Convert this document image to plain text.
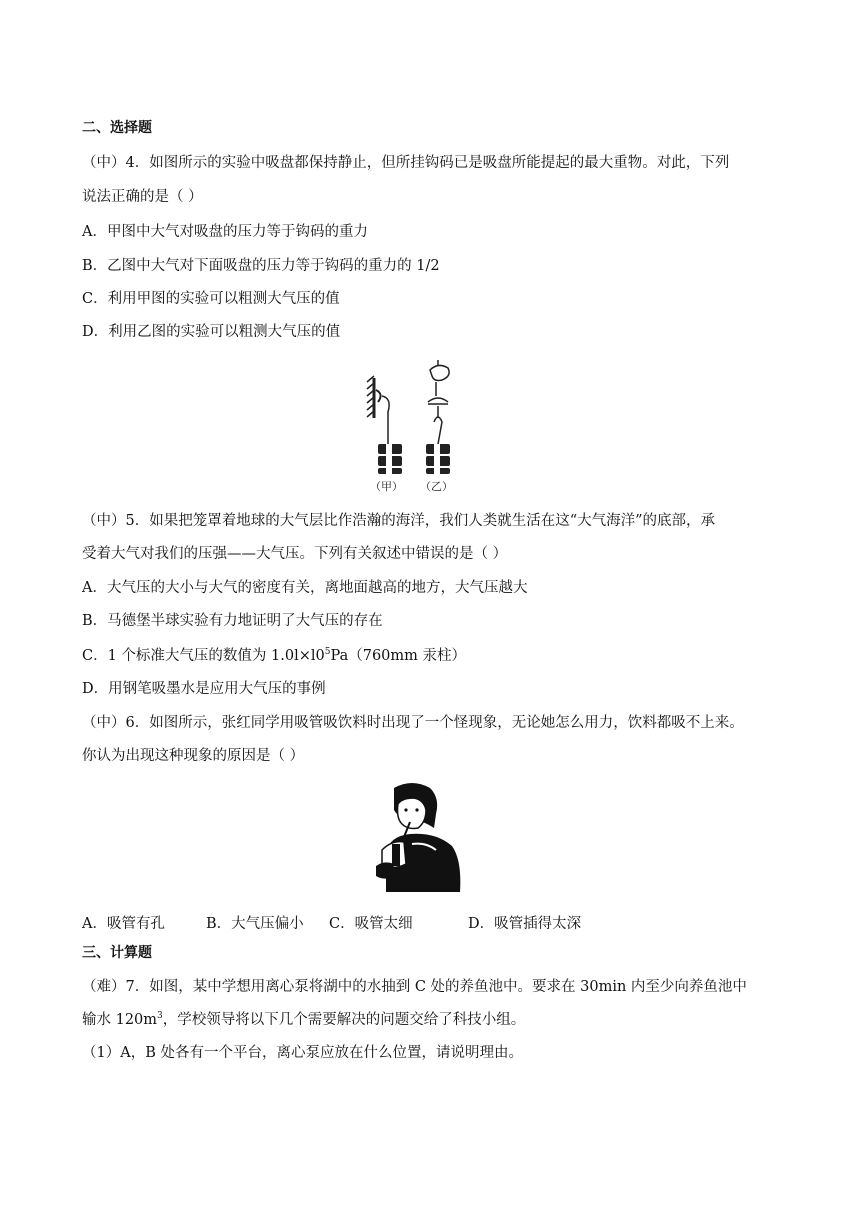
二、选择题
（中）4．如图所示的实验中吸盘都保持静止，但所挂钩码已是吸盘所能提起的最大重物。对此，下列
说法正确的是（ ）
A．甲图中大气对吸盘的压力等于钩码的重力
B．乙图中大气对下面吸盘的压力等于钩码的重力的 1/2
C．利用甲图的实验可以粗测大气压的值
D．利用乙图的实验可以粗测大气压的值
（甲） （乙）
（中）5．如果把笼罩着地球的大气层比作浩瀚的海洋，我们人类就生活在这“大气海洋”的底部，承
受着大气对我们的压强——大气压。下列有关叙述中错误的是（ ）
A．大气压的大小与大气的密度有关，离地面越高的地方，大气压越大
B．马德堡半球实验有力地证明了大气压的存在
C．1 个标准大气压的数值为 $1.0l\times l0^5Pa(760mm$ 汞柱）
D．用钢笔吸墨水是应用大气压的事例
（中）6．如图所示，张红同学用吸管吸饮料时出现了一个怪现象，无论她怎么用力，饮料都吸不上来。
你认为出现这种现象的原因是（ ）
A．吸管有孔	B．大气压偏小 C．吸管太细	D．吸管插得太深
三、计算题
（难）7．如图，某中学想用离心泵将湖中的水抽到 C 处的养鱼池中。要求在 30min 内至少向养鱼池中
输水 $120m^3$，学校领导将以下几个需要解决的问题交给了科技小组。
（1）A，B 处各有一个平台，离心泵应放在什么位置，请说明理由。
